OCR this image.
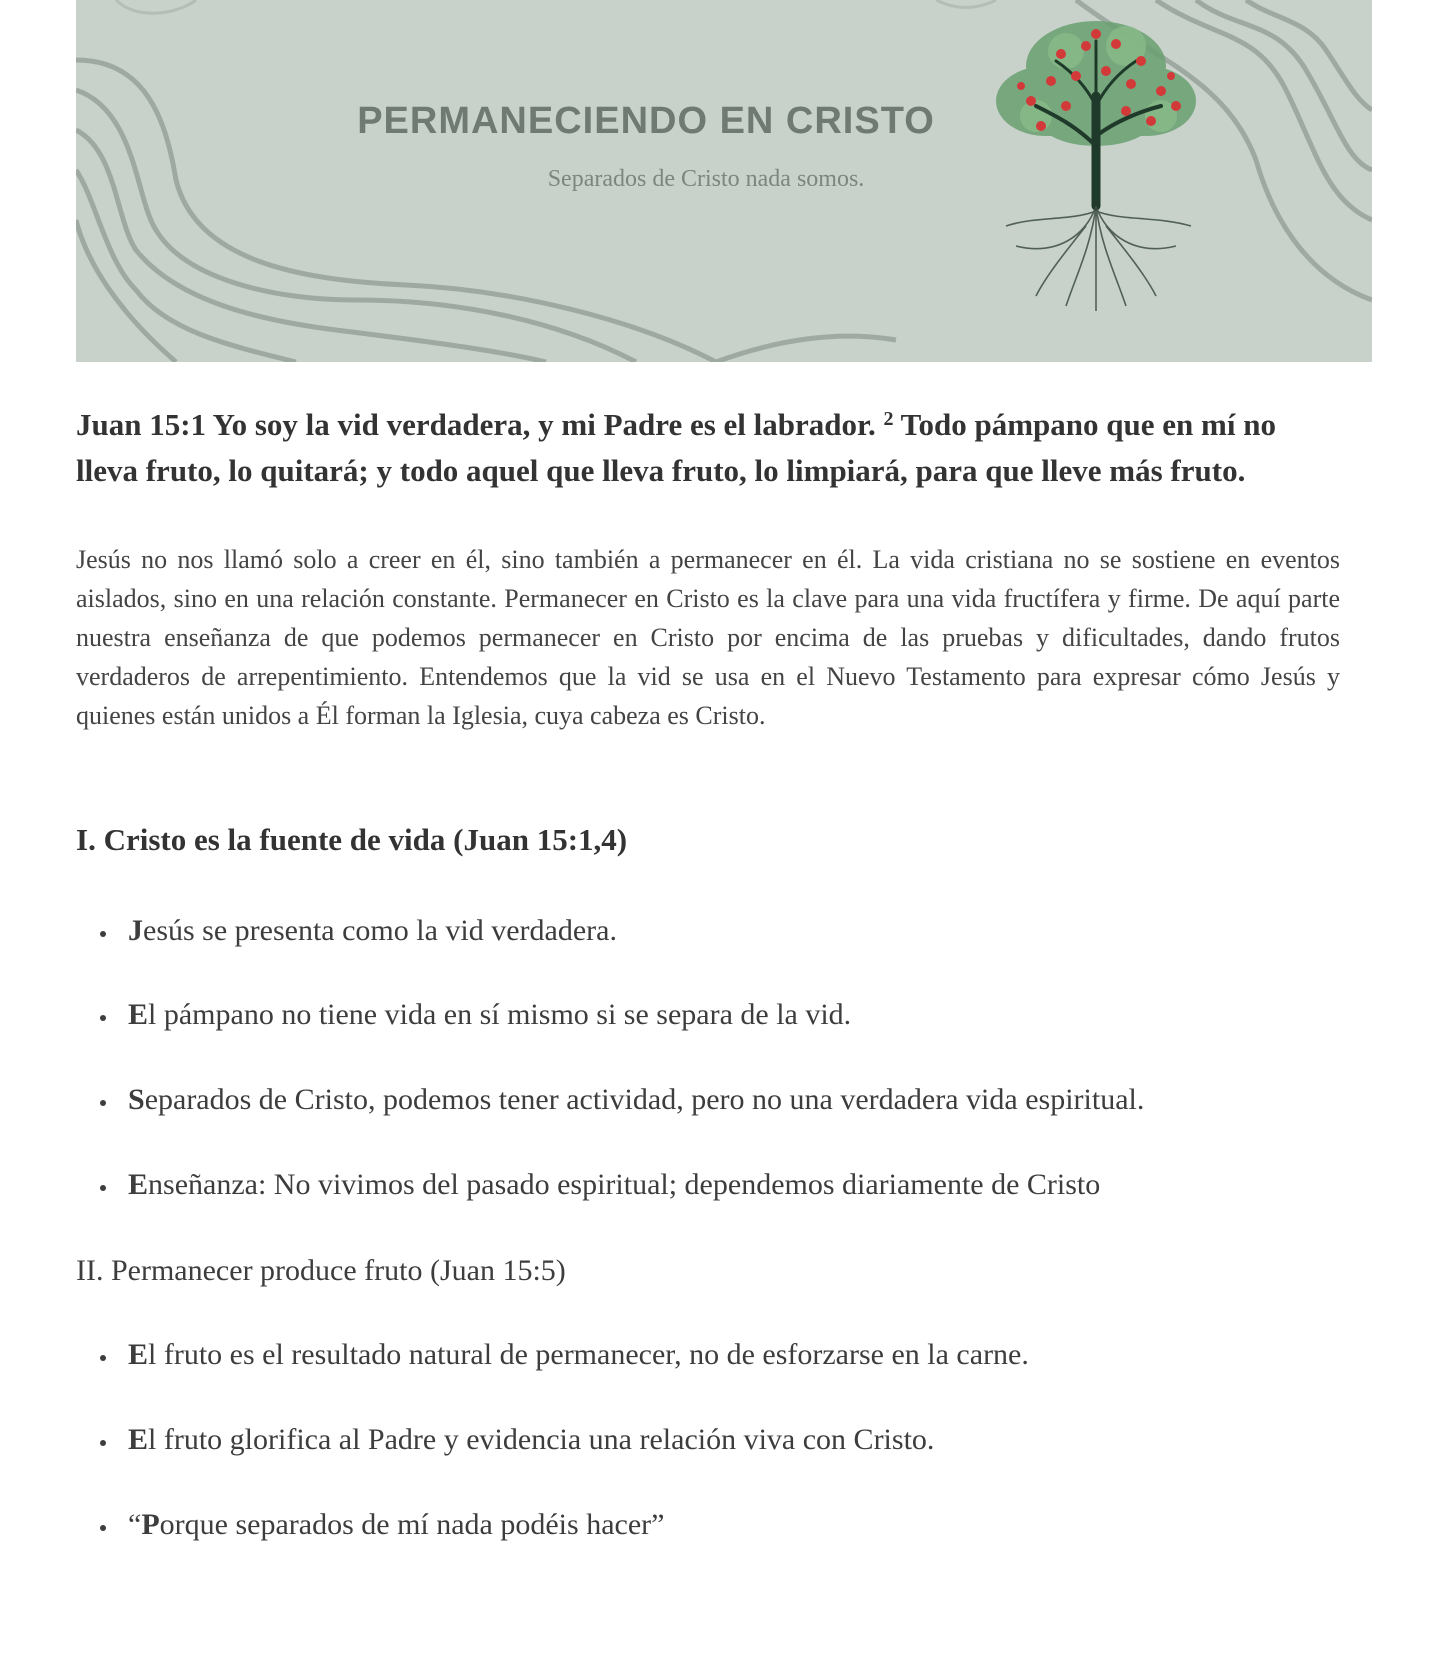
PERMANECIENDO EN CRISTO
Separados de Cristo nada somos.
Juan 15:1 Yo soy la vid verdadera, y mi Padre es el labrador. $^2$ Todo pámpano que en mí no lleva fruto, lo quitará; y todo aquel que lleva fruto, lo limpiará, para que lleve más fruto.
Jesús no nos llamó solo a creer en él, sino también a permanecer en él. La vida cristiana no se sostiene en eventos aislados, sino en una relación constante. Permanecer en Cristo es la clave para una vida fructífera y firme. De aquí parte nuestra enseñanza de que podemos permanecer en Cristo por encima de las pruebas y dificultades, dando frutos verdaderos de arrepentimiento. Entendemos que la vid se usa en el Nuevo Testamento para expresar cómo Jesús y quienes están unidos a Él forman la Iglesia, cuya cabeza es Cristo.
I. Cristo es la fuente de vida (Juan 15:1,4)
Jesús se presenta como la vid verdadera.
El pámpano no tiene vida en sí mismo si se separa de la vid.
Separados de Cristo, podemos tener actividad, pero no una verdadera vida espiritual.
Enseñanza: No vivimos del pasado espiritual; dependemos diariamente de Cristo
II. Permanecer produce fruto (Juan 15:5)
El fruto es el resultado natural de permanecer, no de esforzarse en la carne.
El fruto glorifica al Padre y evidencia una relación viva con Cristo.
“Porque separados de mí nada podéis hacer”
